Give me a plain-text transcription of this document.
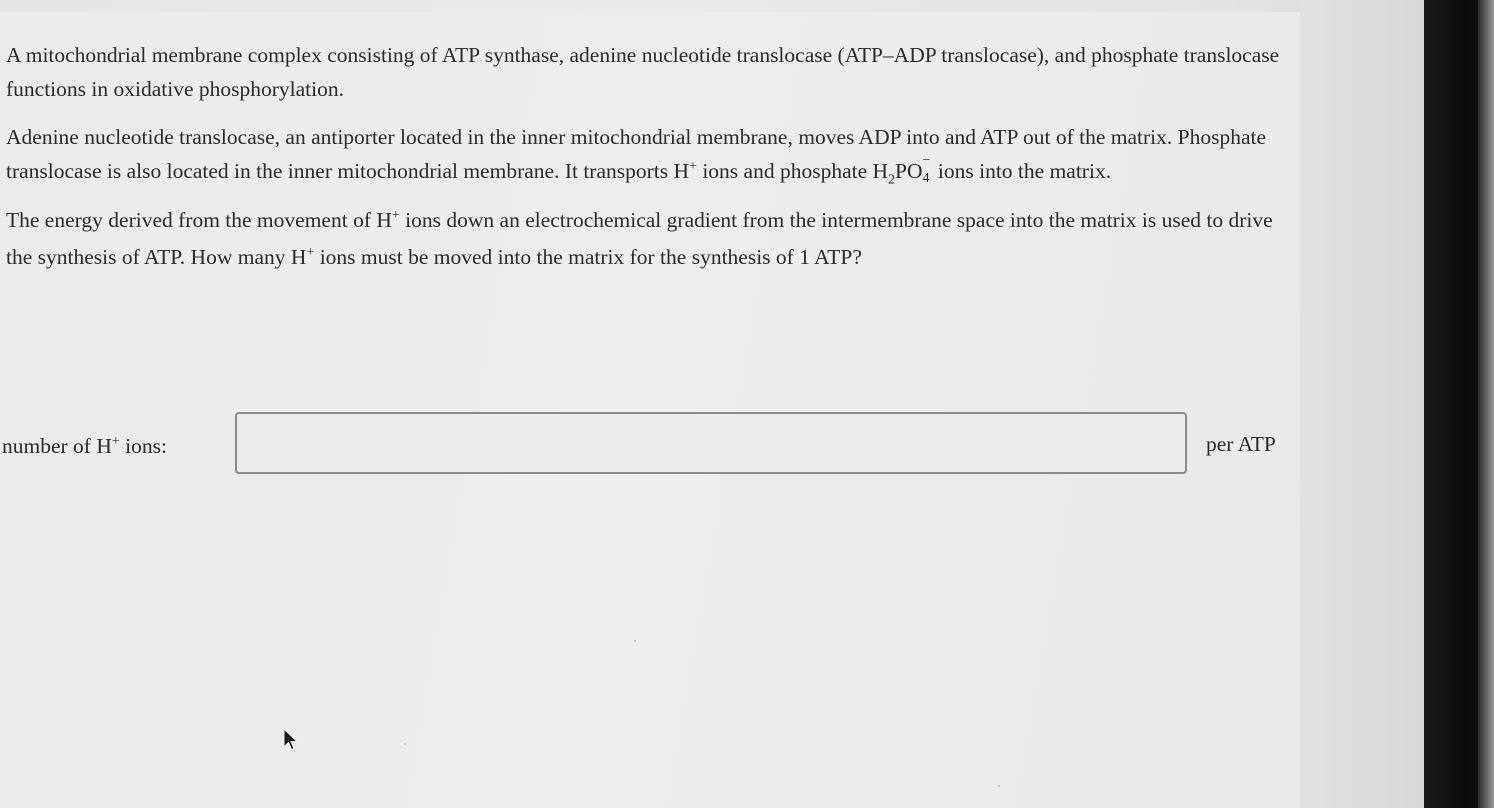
A mitochondrial membrane complex consisting of ATP synthase, adenine nucleotide translocase (ATP–ADP translocase), and phosphate translocase functions in oxidative phosphorylation.

Adenine nucleotide translocase, an antiporter located in the inner mitochondrial membrane, moves ADP into and ATP out of the matrix. Phosphate translocase is also located in the inner mitochondrial membrane. It transports H+ ions and phosphate $H_2PO$ −
4 ions into the matrix.

The energy derived from the movement of H+ ions down an electrochemical gradient from the intermembrane space into the matrix is used to drive the synthesis of ATP. How many H+ ions must be moved into the matrix for the synthesis of 1 ATP?

number of H+ ions:	per ATP
